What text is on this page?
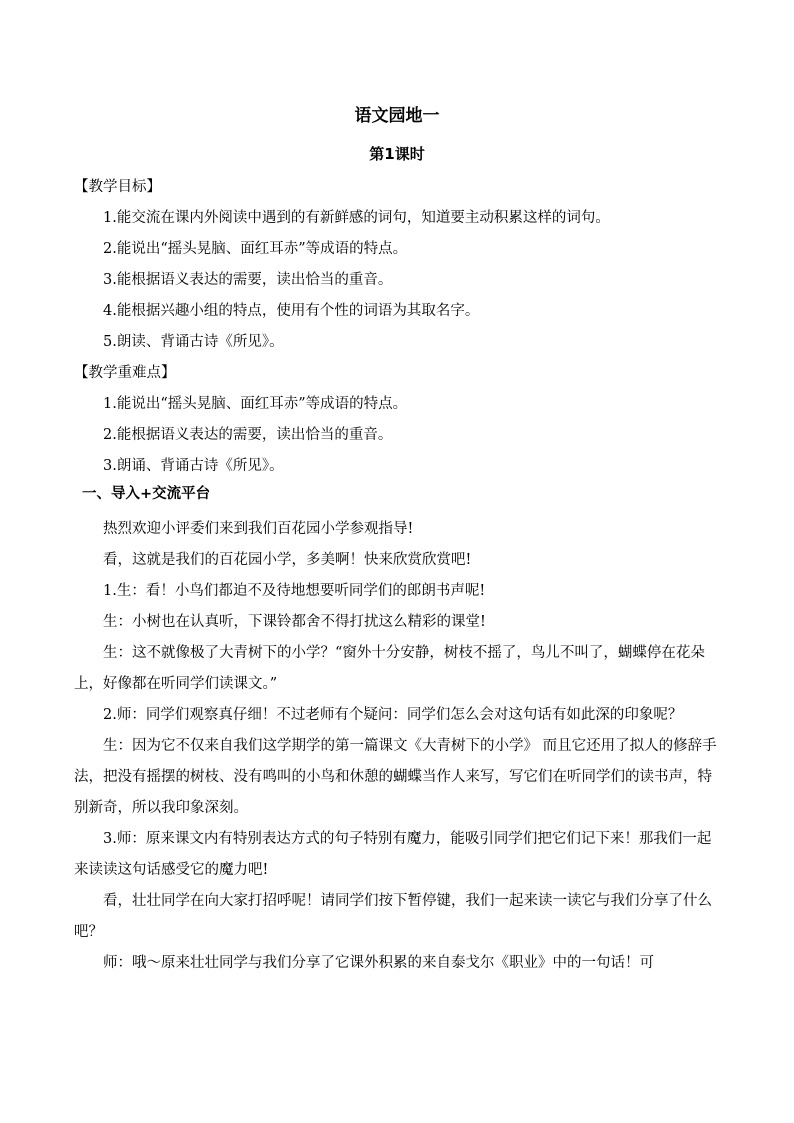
语文园地一
第1课时

【教学目标】

1.能交流在课内外阅读中遇到的有新鲜感的词句，知道要主动积累这样的词句。

2.能说出“摇头晃脑、面红耳赤”等成语的特点。

3.能根据语义表达的需要，读出恰当的重音。

4.能根据兴趣小组的特点，使用有个性的词语为其取名字。

5.朗读、背诵古诗《所见》。

【教学重难点】

1.能说出“摇头晃脑、面红耳赤”等成语的特点。

2.能根据语义表达的需要，读出恰当的重音。

3.朗诵、背诵古诗《所见》。

一、导入+交流平台

热烈欢迎小评委们来到我们百花园小学参观指导!

看，这就是我们的百花园小学，多美啊！快来欣赏欣赏吧!

1.生：看！小鸟们都迫不及待地想要听同学们的郎朗书声呢!

生：小树也在认真听，下课铃都舍不得打扰这么精彩的课堂!

生：这不就像极了大青树下的小学？“窗外十分安静，树枝不摇了，鸟儿不叫了，蝴蝶停在花朵上，好像都在听同学们读课文。”

2.师：同学们观察真仔细！不过老师有个疑问：同学们怎么会对这句话有如此深的印象呢？

生：因为它不仅来自我们这学期学的第一篇课文《大青树下的小学》 而且它还用了拟人的修辞手法，把没有摇摆的树枝、没有鸣叫的小鸟和休憩的蝴蝶当作人来写，写它们在听同学们的读书声，特别新奇，所以我印象深刻。

3.师：原来课文内有特别表达方式的句子特别有魔力，能吸引同学们把它们记下来！那我们一起来读读这句话感受它的魔力吧!

看，壮壮同学在向大家打招呼呢！请同学们按下暂停键，我们一起来读一读它与我们分享了什么吧？

师：哦～原来壮壮同学与我们分享了它课外积累的来自泰戈尔《职业》中的一句话！可
